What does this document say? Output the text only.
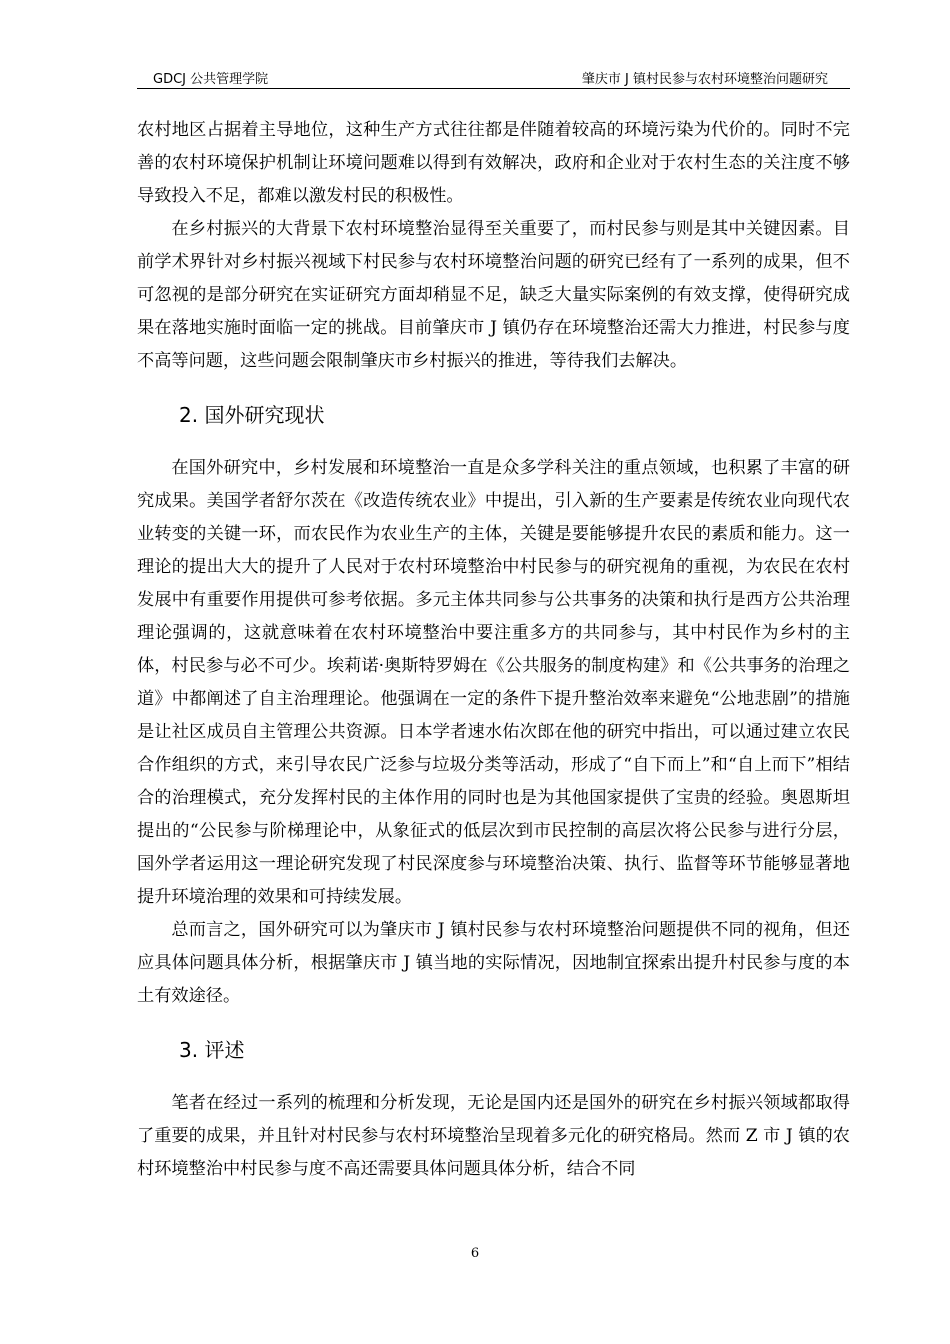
GDCJ 公共管理学院	肇庆市 J 镇村民参与农村环境整治问题研究

农村地区占据着主导地位，这种生产方式往往都是伴随着较高的环境污染为代价的。同时不完善的农村环境保护机制让环境问题难以得到有效解决，政府和企业对于农村生态的关注度不够导致投入不足，都难以激发村民的积极性。

在乡村振兴的大背景下农村环境整治显得至关重要了，而村民参与则是其中关键因素。目前学术界针对乡村振兴视域下村民参与农村环境整治问题的研究已经有了一系列的成果，但不可忽视的是部分研究在实证研究方面却稍显不足，缺乏大量实际案例的有效支撑，使得研究成果在落地实施时面临一定的挑战。目前肇庆市 J 镇仍存在环境整治还需大力推进，村民参与度不高等问题，这些问题会限制肇庆市乡村振兴的推进，等待我们去解决。

2. 国外研究现状

在国外研究中，乡村发展和环境整治一直是众多学科关注的重点领域，也积累了丰富的研究成果。美国学者舒尔茨在《改造传统农业》中提出，引入新的生产要素是传统农业向现代农业转变的关键一环，而农民作为农业生产的主体，关键是要能够提升农民的素质和能力。这一理论的提出大大的提升了人民对于农村环境整治中村民参与的研究视角的重视，为农民在农村发展中有重要作用提供可参考依据。多元主体共同参与公共事务的决策和执行是西方公共治理理论强调的，这就意味着在农村环境整治中要注重多方的共同参与，其中村民作为乡村的主体，村民参与必不可少。埃莉诺·奥斯特罗姆在《公共服务的制度构建》和《公共事务的治理之道》中都阐述了自主治理理论。他强调在一定的条件下提升整治效率来避免“公地悲剧”的措施是让社区成员自主管理公共资源。日本学者速水佑次郎在他的研究中指出，可以通过建立农民合作组织的方式，来引导农民广泛参与垃圾分类等活动，形成了“自下而上”和“自上而下”相结合的治理模式，充分发挥村民的主体作用的同时也是为其他国家提供了宝贵的经验。奥恩斯坦提出的“公民参与阶梯理论中，从象征式的低层次到市民控制的高层次将公民参与进行分层，国外学者运用这一理论研究发现了村民深度参与环境整治决策、执行、监督等环节能够显著地提升环境治理的效果和可持续发展。

总而言之，国外研究可以为肇庆市 J 镇村民参与农村环境整治问题提供不同的视角，但还应具体问题具体分析，根据肇庆市 J 镇当地的实际情况，因地制宜探索出提升村民参与度的本土有效途径。

3. 评述

笔者在经过一系列的梳理和分析发现，无论是国内还是国外的研究在乡村振兴领域都取得了重要的成果，并且针对村民参与农村环境整治呈现着多元化的研究格局。然而 Z 市 J 镇的农村环境整治中村民参与度不高还需要具体问题具体分析，结合不同

6
